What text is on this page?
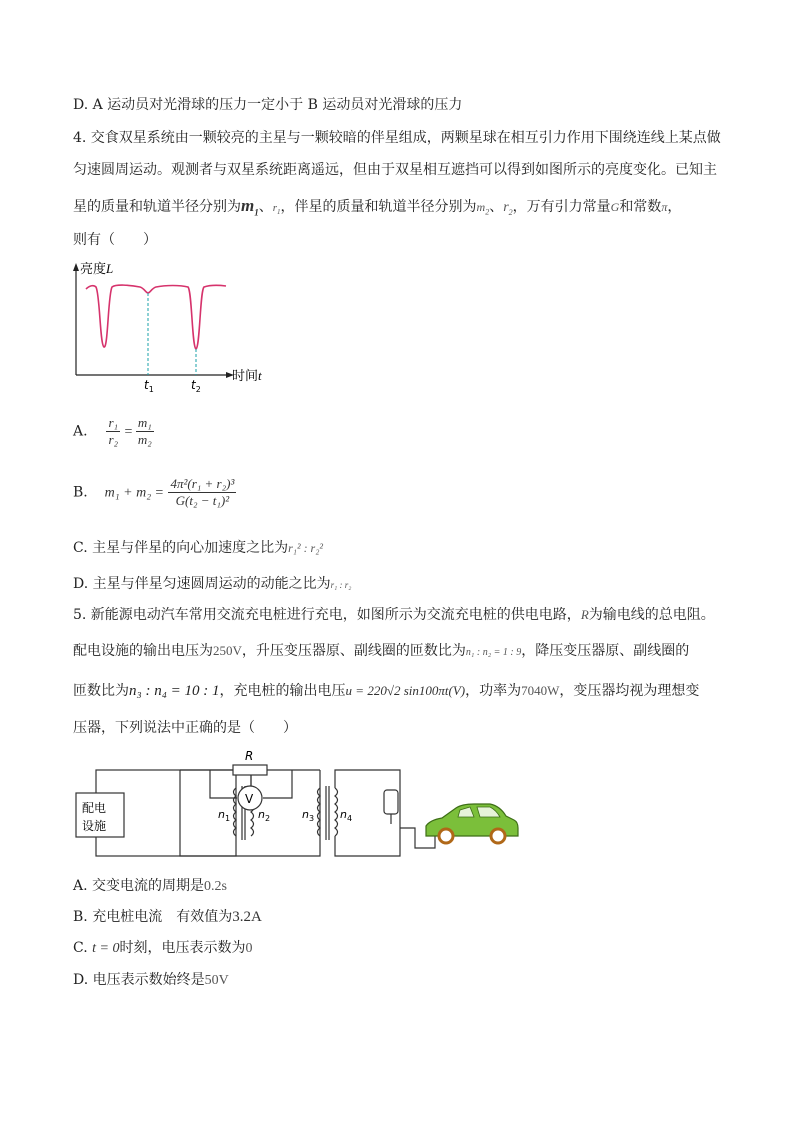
D. A 运动员对光滑球的压力一定小于 B 运动员对光滑球的压力
4. 交食双星系统由一颗较亮的主星与一颗较暗的伴星组成，两颗星球在相互引力作用下围绕连线上某点做
匀速圆周运动。观测者与双星系统距离遥远，但由于双星相互遮挡可以得到如图所示的亮度变化。已知主
星的质量和轨道半径分别为$m_1$、$r_1$，伴星的质量和轨道半径分别为$m_2$、$r_2$，万有引力常量G和常数π，
则有（　　）
亮度L
时间t
$t_1$	$t_2$
A. $\frac{\text{r₁}}{\text{r₂}} = \frac{\text{m₁}}{\text{m₂}}$
B. $m_1 + m_2 = \frac{\text{4π²(r₁ + r₂)³}}{\text{G(t₂ − t₁)²}}$
C. 主星与伴星的向心加速度之比为r₁² : r₂²
D. 主星与伴星匀速圆周运动的动能之比为r₁ : r₂
5. 新能源电动汽车常用交流充电桩进行充电，如图所示为交流充电桩的供电电路，R为输电线的总电阻。
配电设施的输出电压为250V，升压变压器原、副线圈的匝数比为n₁ : n₂ = 1 : 9，降压变压器原、副线圈的
匝数比为n₃ : n₄ = 10 : 1，充电桩的输出电压u = 220√2 sin100πt(V)，功率为7040W，变压器均视为理想变
压器，下列说法中正确的是（　　）
配电
设施
R
V
$n_1$	$n_2$	$n_3$ $n_4$
A. 交变电流的周期是0.2s
B. 充电桩电流　有效值为3.2A
C. t = 0时刻，电压表示数为0
D. 电压表示数始终是50V
